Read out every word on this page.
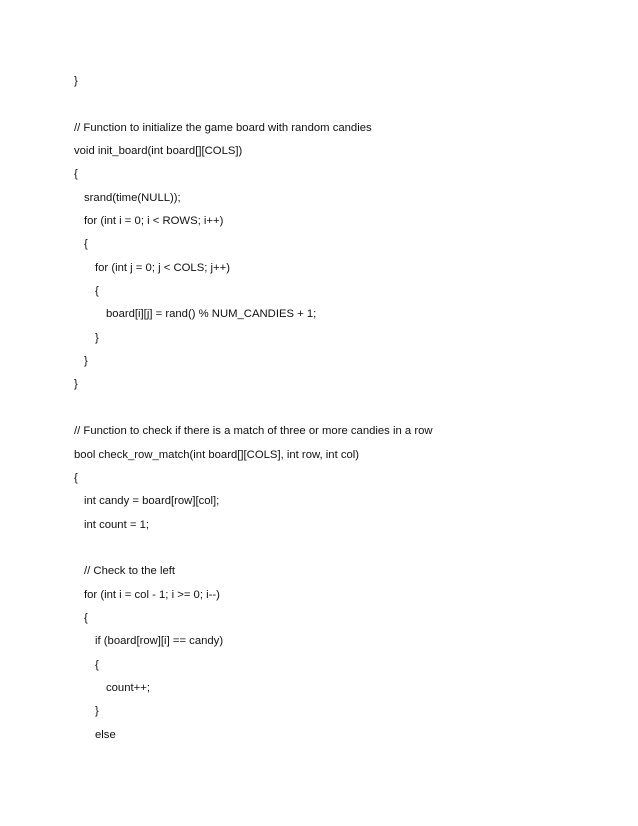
}
// Function to initialize the game board with random candies
void init_board(int board[][COLS])
{
srand(time(NULL));
for (int i = 0; i < ROWS; i++)
{
for (int j = 0; j < COLS; j++)
{
board[i][j] = rand() % NUM_CANDIES + 1;
}
}
}
// Function to check if there is a match of three or more candies in a row
bool check_row_match(int board[][COLS], int row, int col)
{
int candy = board[row][col];
int count = 1;
// Check to the left
for (int i = col - 1; i >= 0; i--)
{
if (board[row][i] == candy)
{
count++;
}
else
